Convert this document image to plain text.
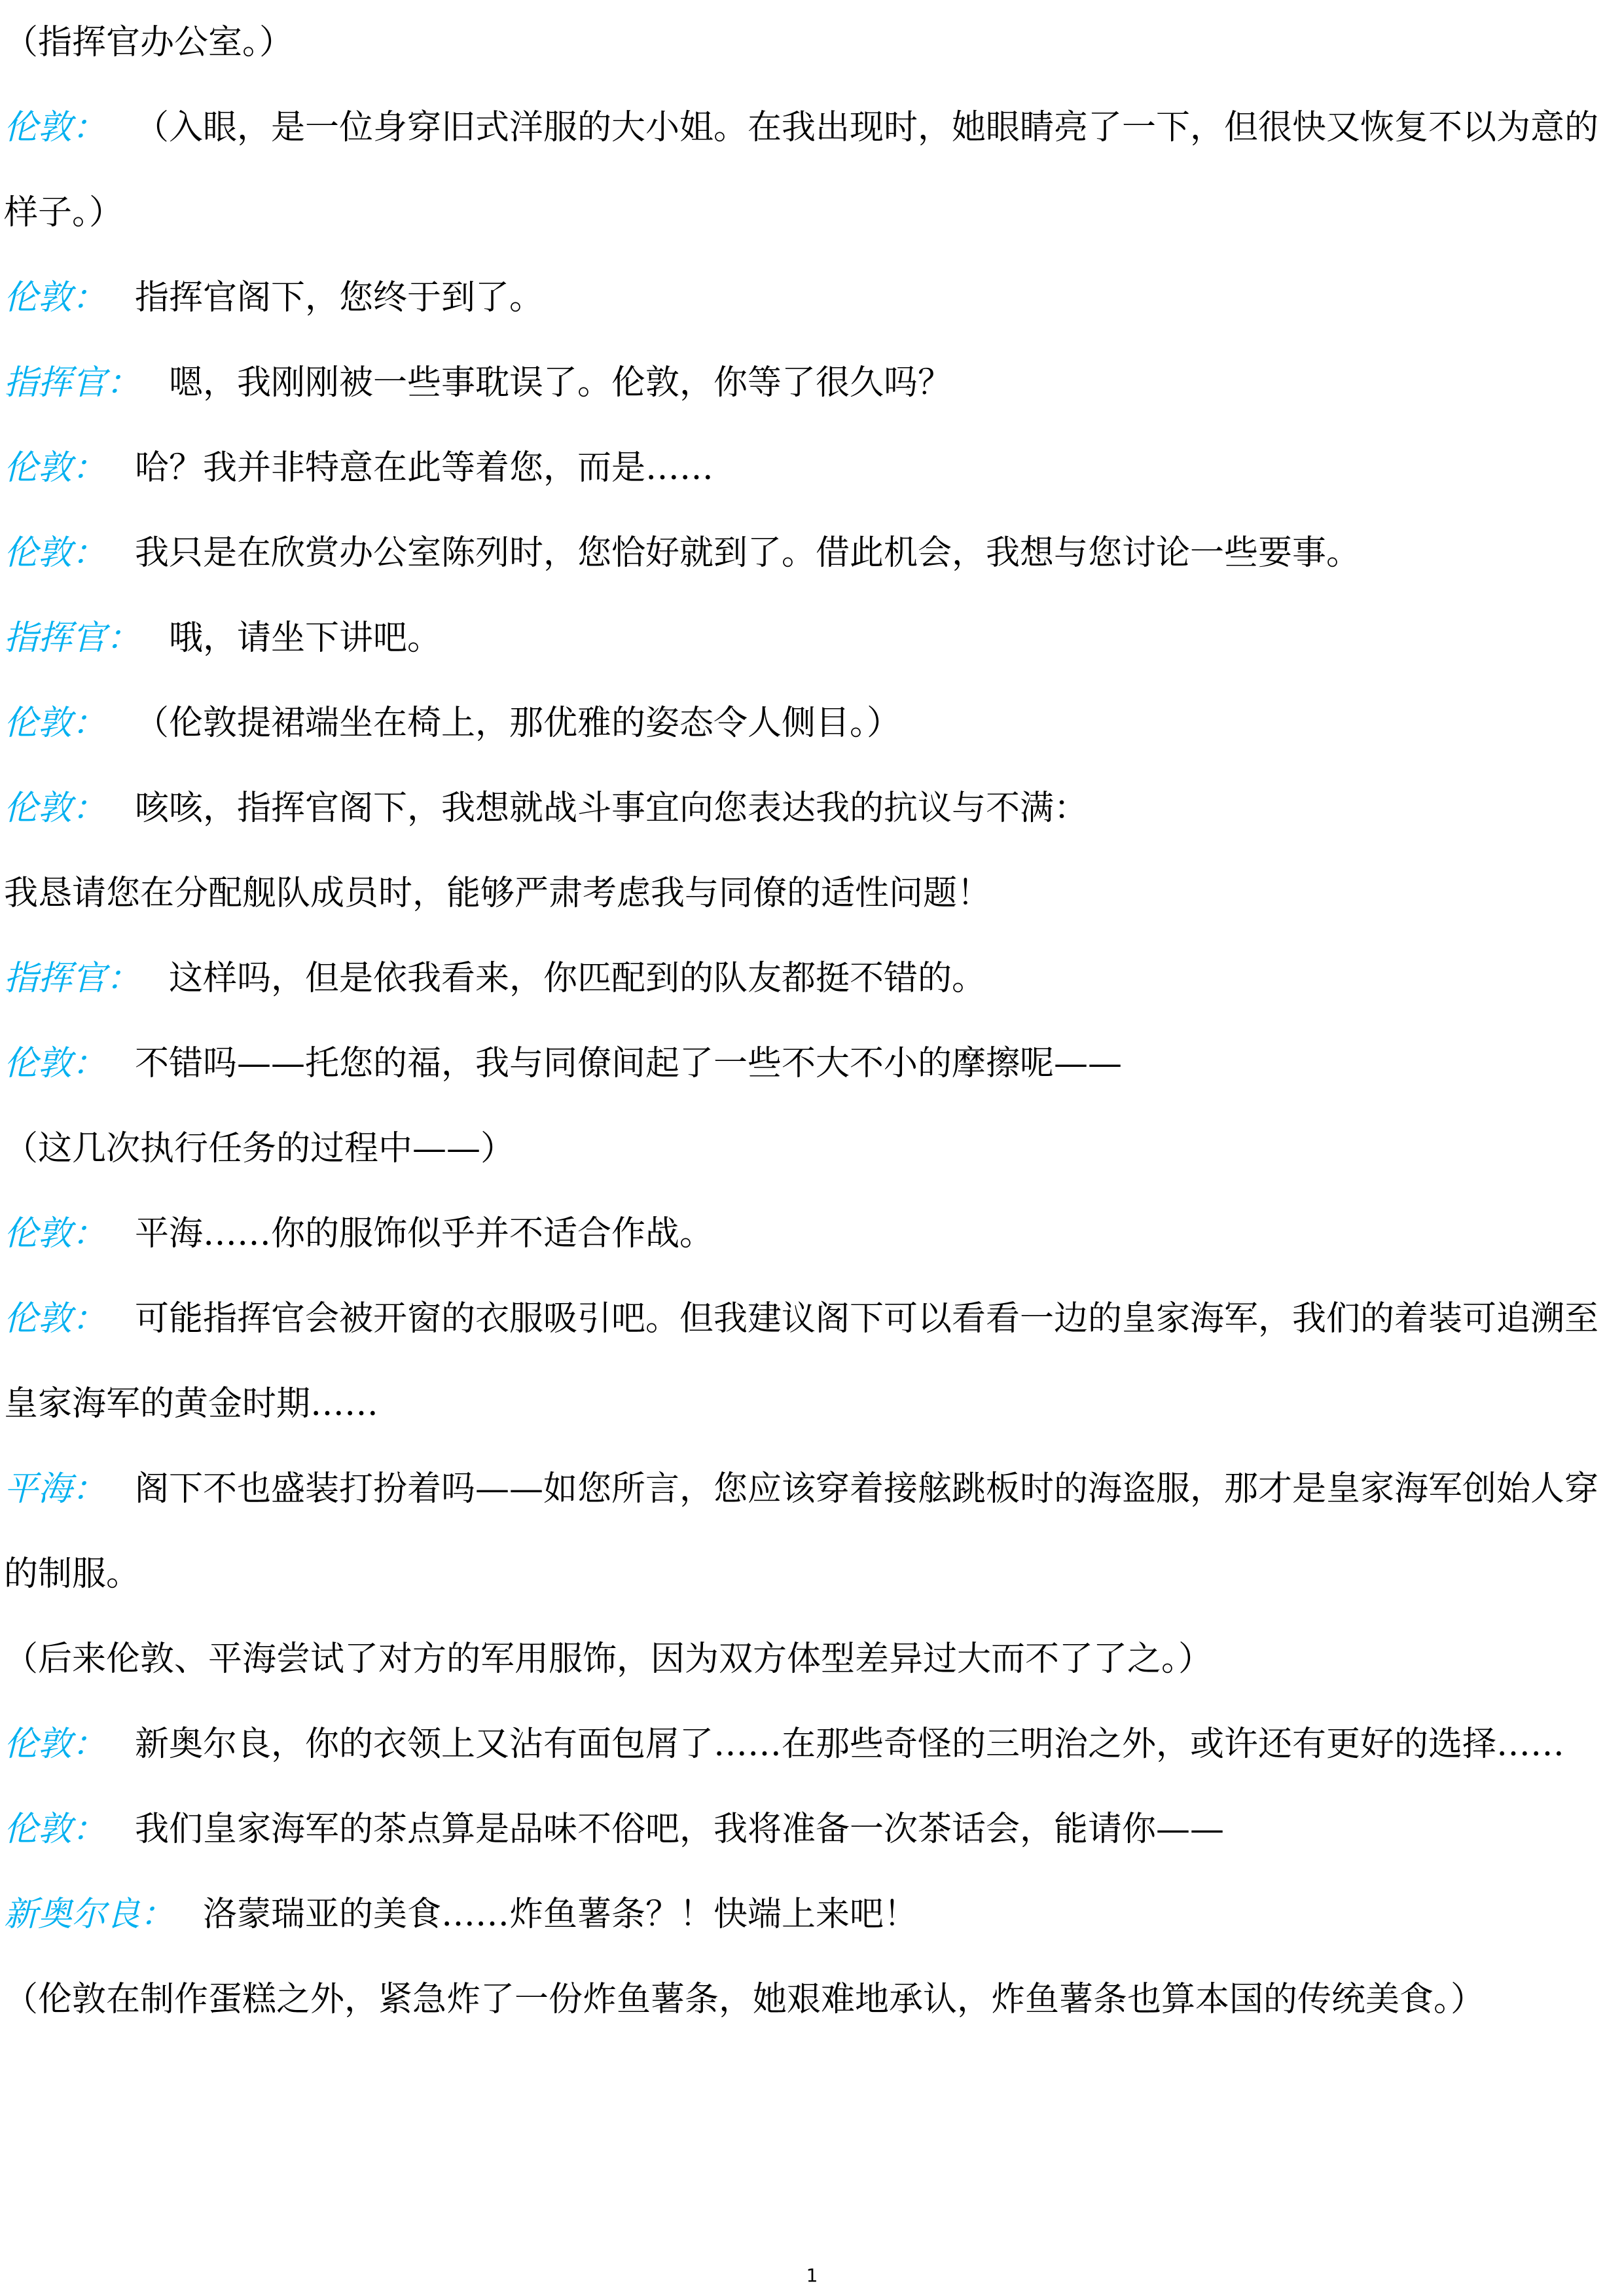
（指挥官办公室。）

伦敦： （入眼，是一位身穿旧式洋服的大小姐。在我出现时，她眼睛亮了一下，但很快又恢复不以为意的样子。）

伦敦： 指挥官阁下，您终于到了。

指挥官： 嗯，我刚刚被一些事耽误了。伦敦，你等了很久吗？

伦敦： 哈？我并非特意在此等着您，而是……

伦敦： 我只是在欣赏办公室陈列时，您恰好就到了。借此机会，我想与您讨论一些要事。

指挥官： 哦，请坐下讲吧。

伦敦： （伦敦提裙端坐在椅上，那优雅的姿态令人侧目。）

伦敦： 咳咳，指挥官阁下，我想就战斗事宜向您表达我的抗议与不满：

我恳请您在分配舰队成员时，能够严肃考虑我与同僚的适性问题！

指挥官： 这样吗，但是依我看来，你匹配到的队友都挺不错的。

伦敦： 不错吗——托您的福，我与同僚间起了一些不大不小的摩擦呢——

（这几次执行任务的过程中——）

伦敦： 平海……你的服饰似乎并不适合作战。

伦敦： 可能指挥官会被开窗的衣服吸引吧。但我建议阁下可以看看一边的皇家海军，我们的着装可追溯至皇家海军的黄金时期……

平海： 阁下不也盛装打扮着吗——如您所言，您应该穿着接舷跳板时的海盗服，那才是皇家海军创始人穿的制服。

（后来伦敦、平海尝试了对方的军用服饰，因为双方体型差异过大而不了了之。）

伦敦： 新奥尔良，你的衣领上又沾有面包屑了……在那些奇怪的三明治之外，或许还有更好的选择……

伦敦： 我们皇家海军的茶点算是品味不俗吧，我将准备一次茶话会，能请你——

新奥尔良： 洛蒙瑞亚的美食……炸鱼薯条？！快端上来吧！

（伦敦在制作蛋糕之外，紧急炸了一份炸鱼薯条，她艰难地承认，炸鱼薯条也算本国的传统美食。）

1
